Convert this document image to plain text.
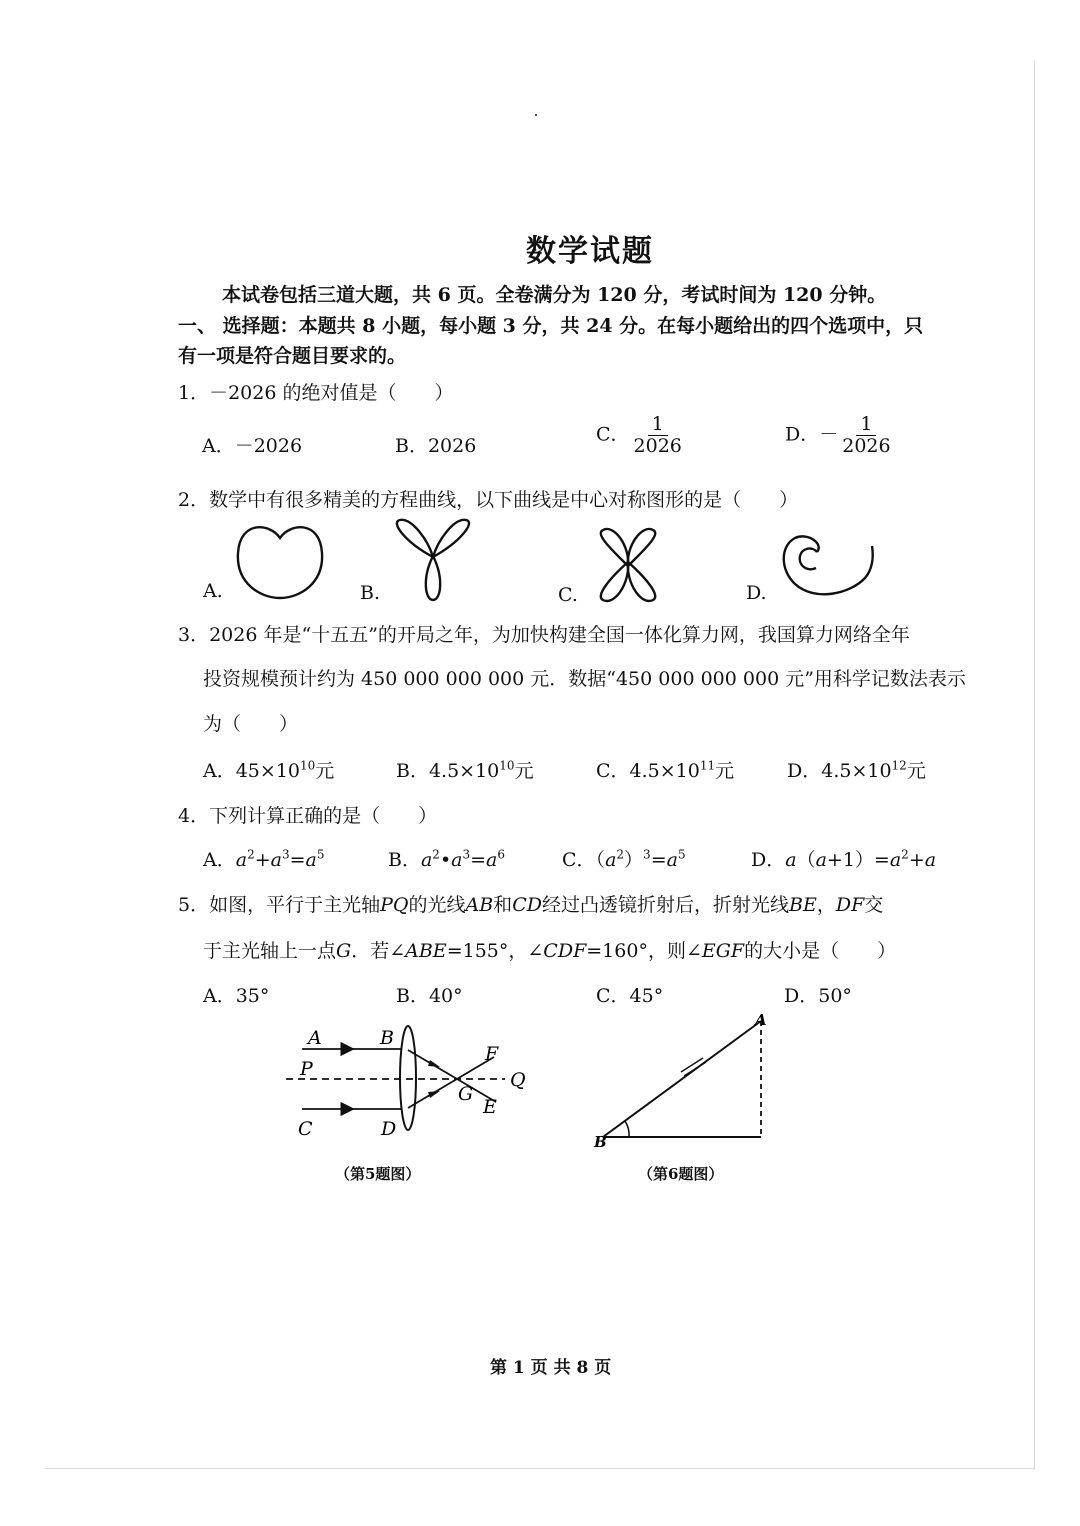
数学试题
本试卷包括三道大题，共 6 页。全卷满分为 120 分，考试时间为 120 分钟。
一、 选择题：本题共 8 小题，每小题 3 分，共 24 分。在每小题给出的四个选项中，只
有一项是符合题目要求的。
1．－2026 的绝对值是（　　）
A．－2026	B．2026
C． $\frac{1}{2026}$	D．－ $\frac{1}{2026}$
2．数学中有很多精美的方程曲线，以下曲线是中心对称图形的是（　　）
A.	B.	C.	D.
3．2026 年是“十五五”的开局之年，为加快构建全国一体化算力网，我国算力网络全年
投资规模预计约为 450 000 000 000 元．数据“450 000 000 000 元”用科学记数法表示
为（　　）
A．$45\times 10^{10}$元	B．$4.5\times 10^{10}$元	C．$4.5\times 10^{11}$元	D．$4.5\times 10^{12}$元
4．下列计算正确的是（　　）
A．$a^2+a^3=a^5$	B．$a^2•a^3=a^6$	C．$(a^2)^3=a^5$	D．$a(a+1)=a^2+a$
5．如图，平行于主光轴PQ的光线AB和CD经过凸透镜折射后，折射光线BE，DF交
于主光轴上一点G．若∠ABE=155°，∠CDF=160°，则∠EGF的大小是（　　）
A．35°	B．40°	C．45°	D．50°
A	B
P
F
Q
G
E
C	D
（第5题图）
A
B
（第6题图）
第 1 页 共 8 页
